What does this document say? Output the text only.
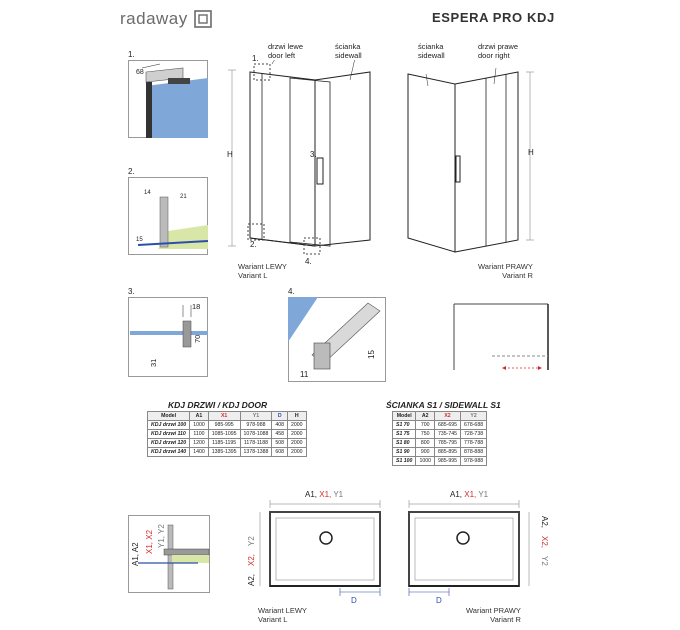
radaway	ESPERA PRO KDJ
1.
68
2.
14
21
15
3.
18
70
31
4.
15
11
drzwi lewe
door left
ścianka
sidewall
H
1.
3.
2.
4.
Wariant LEWY
Variant L
ścianka
sidewall
drzwi prawe
door right
H
Wariant PRAWY
Variant R
KDJ DRZWI / KDJ DOOR
Model	A1	X1	Y1	D	H
KDJ drzwi 100	1000	985-995	978-988	408	2000
KDJ drzwi 110	1100	1085-1095	1078-1088	458	2000
KDJ drzwi 120	1200	1185-1195	1178-1188	508	2000
KDJ drzwi 140	1400	1385-1395	1378-1388	608	2000
ŚCIANKA S1 / SIDEWALL S1
Model	A2	X2	Y2
S1 70	700	685-695	678-688
S1 75	750	735-745	728-738
S1 80	800	785-795	778-788
S1 90	900	885-895	878-888
S1 100	1000	985-995	978-988
A1, A2
X1, X2 Y1, Y2
A1, X1, Y1
A2,
X2,
Y2
D
Wariant LEWY
Variant L
A1, X1, Y1
A2,
X2,
Y2
D
Wariant PRAWY
Variant R
